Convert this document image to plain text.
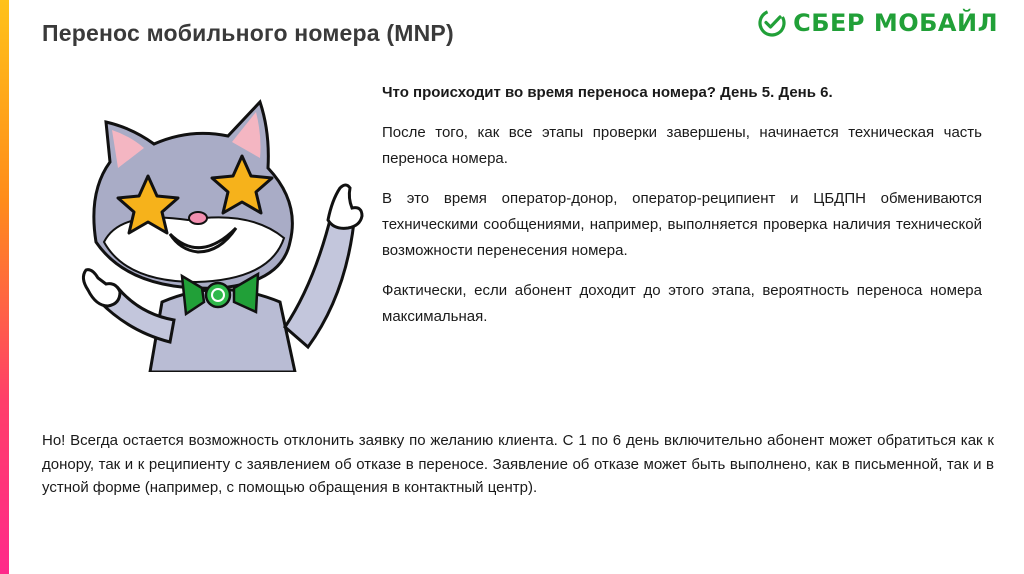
Перенос мобильного номера (MNP)	СБЕР МОБАЙЛ

Что происходит во время переноса номера? День 5. День 6.

После того, как все этапы проверки завершены, начинается техническая часть переноса номера.

В это время оператор-донор, оператор-реципиент и ЦБДПН обмениваются техническими сообщениями, например, выполняется проверка наличия технической возможности перенесения номера.

Фактически, если абонент доходит до этого этапа, вероятность переноса номера максимальная.

Но! Всегда остается возможность отклонить заявку по желанию клиента. С 1 по 6 день включительно абонент может обратиться как к донору, так и к реципиенту с заявлением об отказе в переносе. Заявление об отказе может быть выполнено, как в письменной, так и в устной форме (например, с помощью обращения в контактный центр).
